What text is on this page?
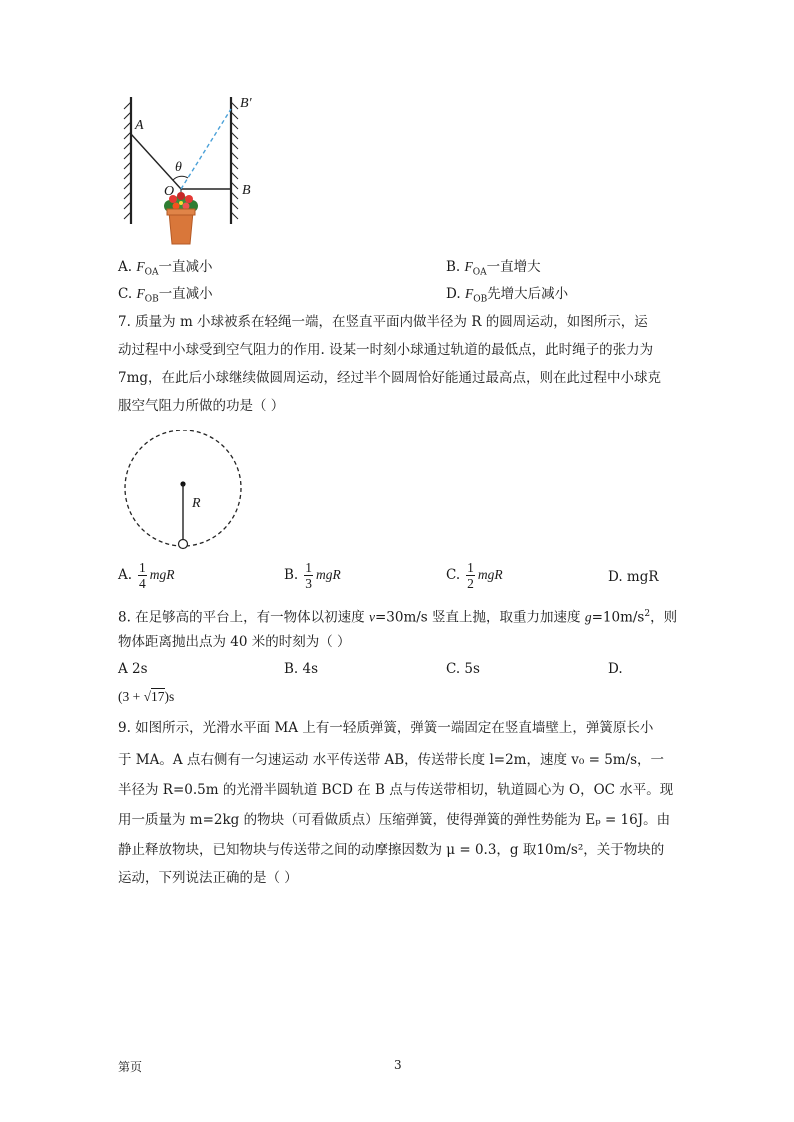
A
B′
θ
O	B
A. $F_{OA}$一直减小	B. $F_{OA}$一直增大
C. $F_{OB}$一直减小	D. $F_{OB}$先增大后减小
7. 质量为 m 小球被系在轻绳一端，在竖直平面内做半径为 R 的圆周运动，如图所示，运
动过程中小球受到空气阻力的作用. 设某一时刻小球通过轨道的最低点，此时绳子的张力为
7mg，在此后小球继续做圆周运动，经过半个圆周恰好能通过最高点，则在此过程中小球克
服空气阻力所做的功是（ ）
R
A. $\frac{1}{4}$ mgR	B. $\frac{1}{3}$ mgR	C. $\frac{1}{2}$ mgR	D. mgR
8. 在足够高的平台上，有一物体以初速度 v=30m/s 竖直上抛，取重力加速度 $g=10m/s^2$，则
物体距离抛出点为 40 米的时刻为（ ）
A 2s	B. 4s	C. 5s	D.
(3 + √17)s
9. 如图所示，光滑水平面 MA 上有一轻质弹簧，弹簧一端固定在竖直墙壁上，弹簧原长小
于 MA。A 点右侧有一匀速运动 水平传送带 AB，传送带长度 l=2m，速度 v₀ = 5m/s，一
半径为 R=0.5m 的光滑半圆轨道 BCD 在 B 点与传送带相切，轨道圆心为 O，OC 水平。现
用一质量为 m=2kg 的物块（可看做质点）压缩弹簧，使得弹簧的弹性势能为 Eₚ = 16J。由
静止释放物块，已知物块与传送带之间的动摩擦因数为 μ = 0.3，g 取10m/s²，关于物块的
运动，下列说法正确的是（ ）
第页	3
